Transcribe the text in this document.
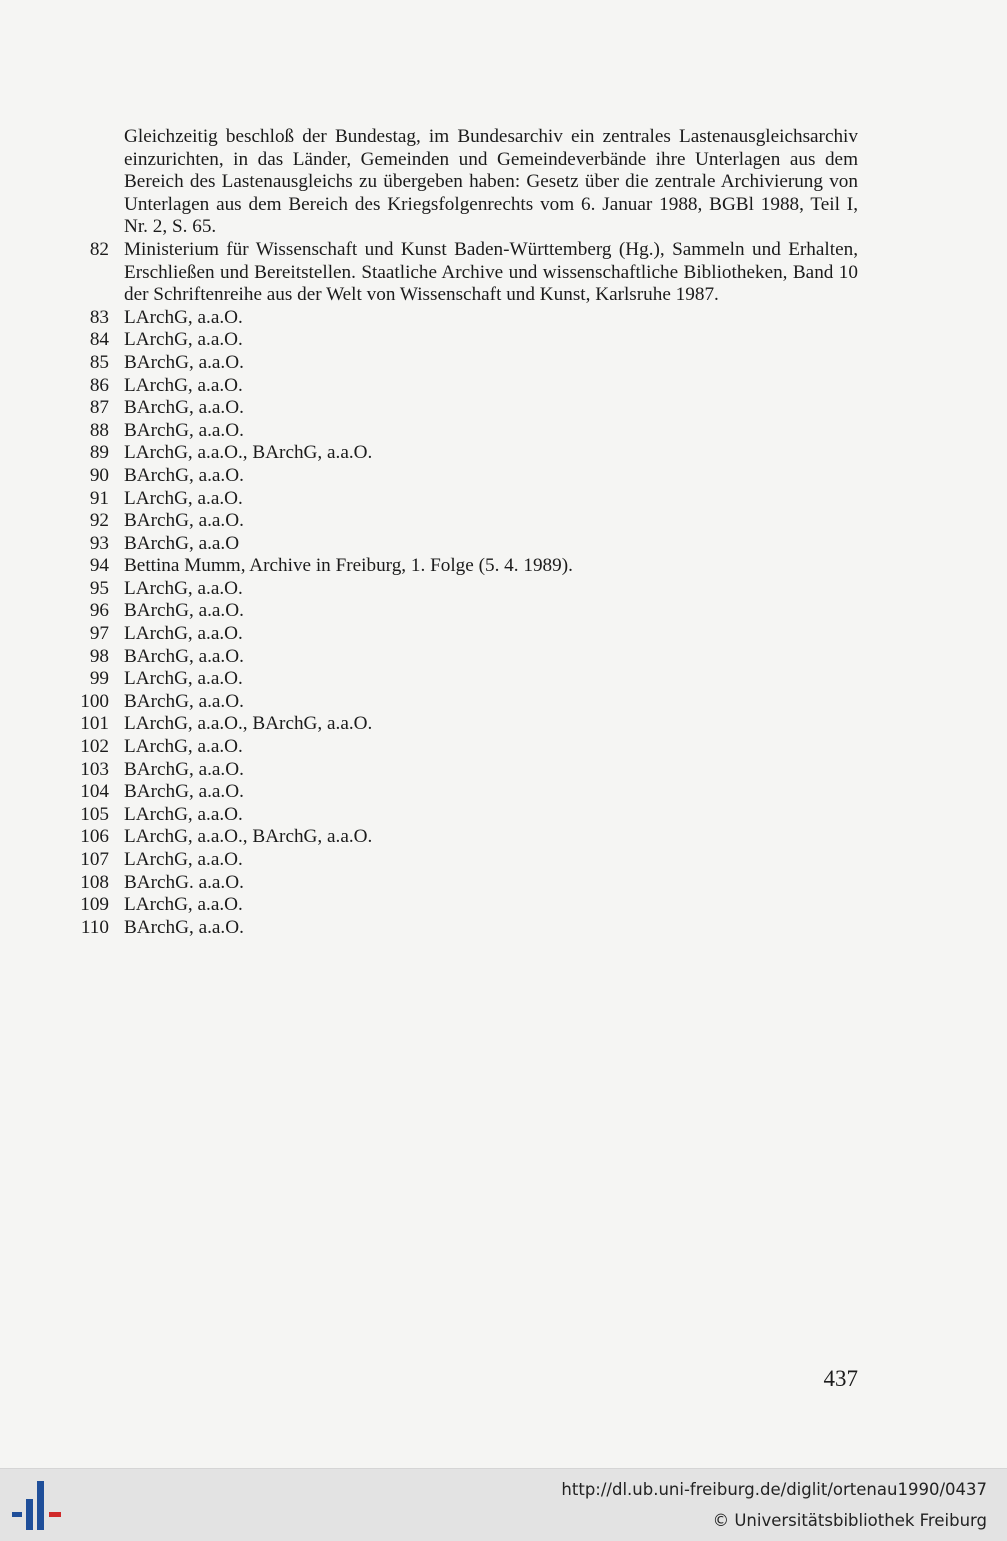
Gleichzeitig beschloß der Bundestag, im Bundesarchiv ein zentrales Lastenausgleichsarchiv einzurichten, in das Länder, Gemeinden und Gemeindeverbände ihre Unterlagen aus dem Bereich des Lastenausgleichs zu übergeben haben: Gesetz über die zentrale Archivierung von Unterlagen aus dem Bereich des Kriegsfolgenrechts vom 6. Januar 1988, BGBl 1988, Teil I, Nr. 2, S. 65.
82 Ministerium für Wissenschaft und Kunst Baden-Württemberg (Hg.), Sammeln und Erhalten, Erschließen und Bereitstellen. Staatliche Archive und wissenschaftliche Bibliotheken, Band 10 der Schriftenreihe aus der Welt von Wissenschaft und Kunst, Karlsruhe 1987.
83 LArchG, a.a.O.
84 LArchG, a.a.O.
85 BArchG, a.a.O.
86 LArchG, a.a.O.
87 BArchG, a.a.O.
88 BArchG, a.a.O.
89 LArchG, a.a.O., BArchG, a.a.O.
90 BArchG, a.a.O.
91 LArchG, a.a.O.
92 BArchG, a.a.O.
93 BArchG, a.a.O
94 Bettina Mumm, Archive in Freiburg, 1. Folge (5. 4. 1989).
95 LArchG, a.a.O.
96 BArchG, a.a.O.
97 LArchG, a.a.O.
98 BArchG, a.a.O.
99 LArchG, a.a.O.
100 BArchG, a.a.O.
101 LArchG, a.a.O., BArchG, a.a.O.
102 LArchG, a.a.O.
103 BArchG, a.a.O.
104 BArchG, a.a.O.
105 LArchG, a.a.O.
106 LArchG, a.a.O., BArchG, a.a.O.
107 LArchG, a.a.O.
108 BArchG. a.a.O.
109 LArchG, a.a.O.
110 BArchG, a.a.O.
437
http://dl.ub.uni-freiburg.de/diglit/ortenau1990/0437
© Universitätsbibliothek Freiburg
